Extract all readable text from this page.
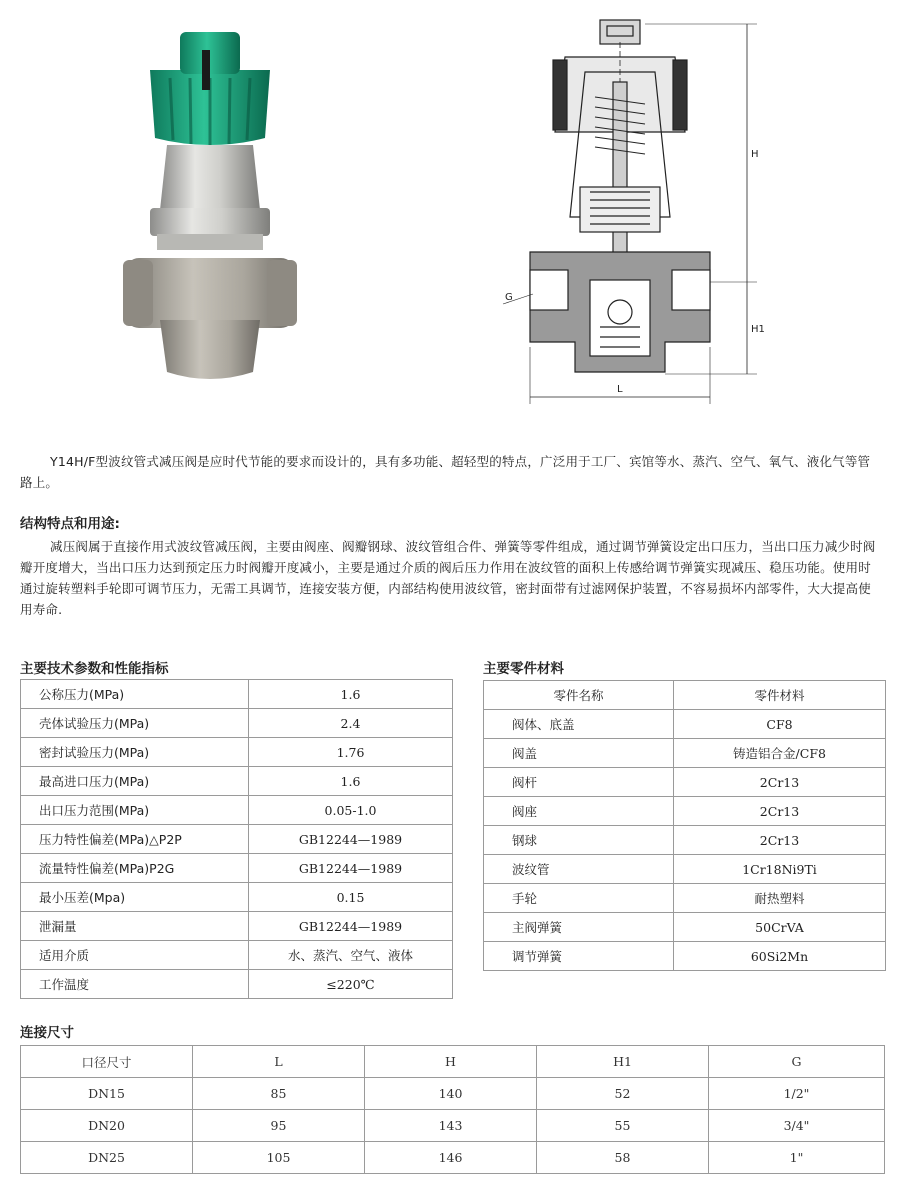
H
H1
L
G

Y14H/F型波纹管式减压阀是应时代节能的要求而设计的，具有多功能、超轻型的特点，广泛用于工厂、宾馆等水、蒸汽、空气、氧气、液化气等管路上。

结构特点和用途:

减压阀属于直接作用式波纹管减压阀，主要由阀座、阀瓣钢球、波纹管组合件、弹簧等零件组成，通过调节弹簧设定出口压力，当出口压力减少时阀瓣开度增大，当出口压力达到预定压力时阀瓣开度减小，主要是通过介质的阀后压力作用在波纹管的面积上传感给调节弹簧实现减压、稳压功能。使用时通过旋转塑料手轮即可调节压力，无需工具调节，连接安装方便，内部结构使用波纹管，密封面带有过滤网保护装置，不容易损坏内部零件，大大提高使用寿命.

主要技术参数和性能指标	主要零件材料
公称压力(MPa)	1.6
壳体试验压力(MPa)	2.4
密封试验压力(MPa)	1.76
最高进口压力(MPa)	1.6
出口压力范围(MPa)	0.05-1.0
压力特性偏差(MPa)△P2P	GB12244—1989
流量特性偏差(MPa)P2G	GB12244—1989
最小压差(Mpa)	0.15
泄漏量	GB12244—1989
适用介质	水、蒸汽、空气、液体
工作温度	≤220℃
零件名称	零件材料
阀体、底盖	CF8
阀盖	铸造铝合金/CF8
阀杆	2Cr13
阀座	2Cr13
钢球	2Cr13
波纹管	1Cr18Ni9Ti
手轮	耐热塑料
主阀弹簧	50CrVA
调节弹簧	60Si2Mn
连接尺寸
口径尺寸	L	H	H1	G
DN15	85	140	52	1/2"
DN20	95	143	55	3/4"
DN25	105	146	58	1"
